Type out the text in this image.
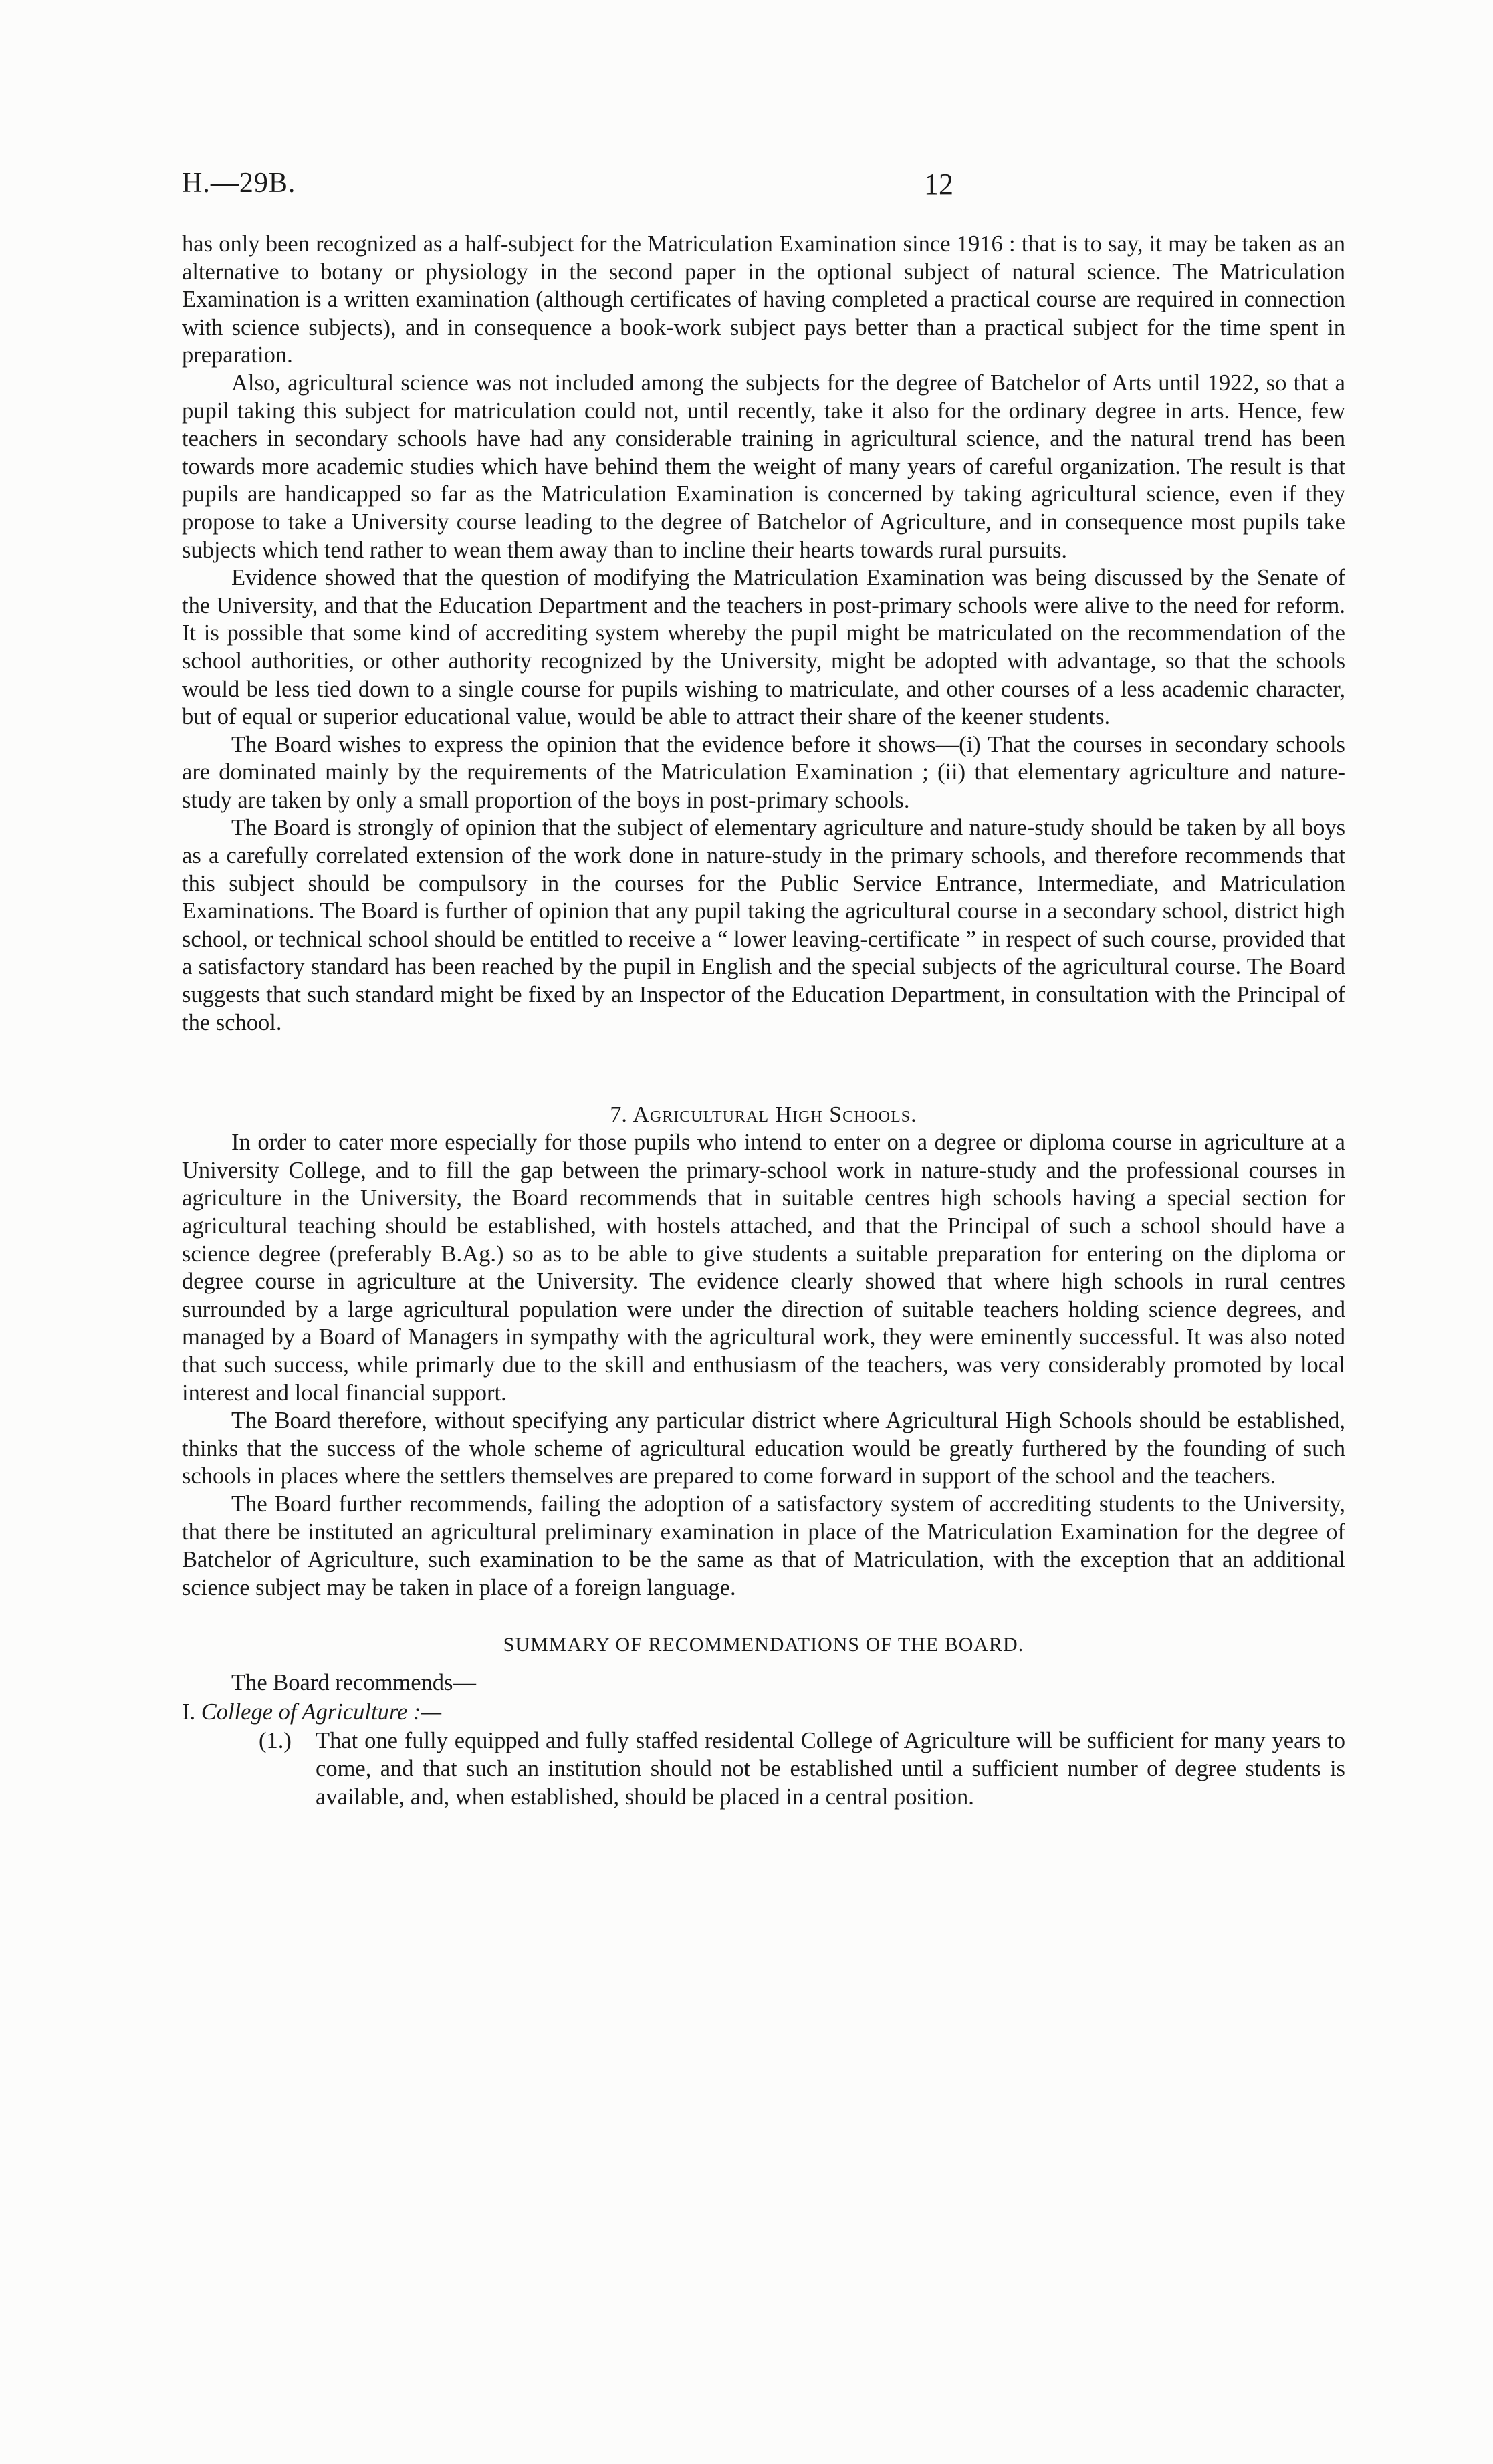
H.—29B.	12

has only been recognized as a half-subject for the Matriculation Examination since 1916 : that is to say, it may be taken as an alternative to botany or physiology in the second paper in the optional subject of natural science. The Matriculation Examination is a written examination (although certificates of having completed a practical course are required in connection with science subjects), and in consequence a book-work subject pays better than a practical subject for the time spent in preparation.

Also, agricultural science was not included among the subjects for the degree of Batchelor of Arts until 1922, so that a pupil taking this subject for matriculation could not, until recently, take it also for the ordinary degree in arts. Hence, few teachers in secondary schools have had any considerable training in agricultural science, and the natural trend has been towards more academic studies which have behind them the weight of many years of careful organization. The result is that pupils are handicapped so far as the Matriculation Examination is concerned by taking agricultural science, even if they propose to take a University course leading to the degree of Batchelor of Agriculture, and in consequence most pupils take subjects which tend rather to wean them away than to incline their hearts towards rural pursuits.

Evidence showed that the question of modifying the Matriculation Examination was being discussed by the Senate of the University, and that the Education Department and the teachers in post-primary schools were alive to the need for reform. It is possible that some kind of accrediting system whereby the pupil might be matriculated on the recommendation of the school authorities, or other authority recognized by the University, might be adopted with advantage, so that the schools would be less tied down to a single course for pupils wishing to matriculate, and other courses of a less academic character, but of equal or superior educational value, would be able to attract their share of the keener students.

The Board wishes to express the opinion that the evidence before it shows—(i) That the courses in secondary schools are dominated mainly by the requirements of the Matriculation Examination ; (ii) that elementary agriculture and nature-study are taken by only a small proportion of the boys in post-primary schools.

The Board is strongly of opinion that the subject of elementary agriculture and nature-study should be taken by all boys as a carefully correlated extension of the work done in nature-study in the primary schools, and therefore recommends that this subject should be compulsory in the courses for the Public Service Entrance, Intermediate, and Matriculation Examinations. The Board is further of opinion that any pupil taking the agricultural course in a secondary school, district high school, or technical school should be entitled to receive a “ lower leaving-certificate ” in respect of such course, provided that a satisfactory standard has been reached by the pupil in English and the special subjects of the agricultural course. The Board suggests that such standard might be fixed by an Inspector of the Education Department, in consultation with the Principal of the school.

7. Agricultural High Schools.

In order to cater more especially for those pupils who intend to enter on a degree or diploma course in agriculture at a University College, and to fill the gap between the primary-school work in nature-study and the professional courses in agriculture in the University, the Board recommends that in suitable centres high schools having a special section for agricultural teaching should be established, with hostels attached, and that the Principal of such a school should have a science degree (preferably B.Ag.) so as to be able to give students a suitable preparation for entering on the diploma or degree course in agriculture at the University. The evidence clearly showed that where high schools in rural centres surrounded by a large agricultural population were under the direction of suitable teachers holding science degrees, and managed by a Board of Managers in sympathy with the agricultural work, they were eminently successful. It was also noted that such success, while primarly due to the skill and enthusiasm of the teachers, was very considerably promoted by local interest and local financial support.

The Board therefore, without specifying any particular district where Agricultural High Schools should be established, thinks that the success of the whole scheme of agricultural education would be greatly furthered by the founding of such schools in places where the settlers themselves are prepared to come forward in support of the school and the teachers.

The Board further recommends, failing the adoption of a satisfactory system of accrediting students to the University, that there be instituted an agricultural preliminary examination in place of the Matriculation Examination for the degree of Batchelor of Agriculture, such examination to be the same as that of Matriculation, with the exception that an additional science subject may be taken in place of a foreign language.

SUMMARY OF RECOMMENDATIONS OF THE BOARD.

The Board recommends—

I. College of Agriculture :—

(1.)	That one fully equipped and fully staffed residental College of Agriculture will be sufficient for many years to come, and that such an institution should not be established until a sufficient number of degree students is available, and, when established, should be placed in a central position.
